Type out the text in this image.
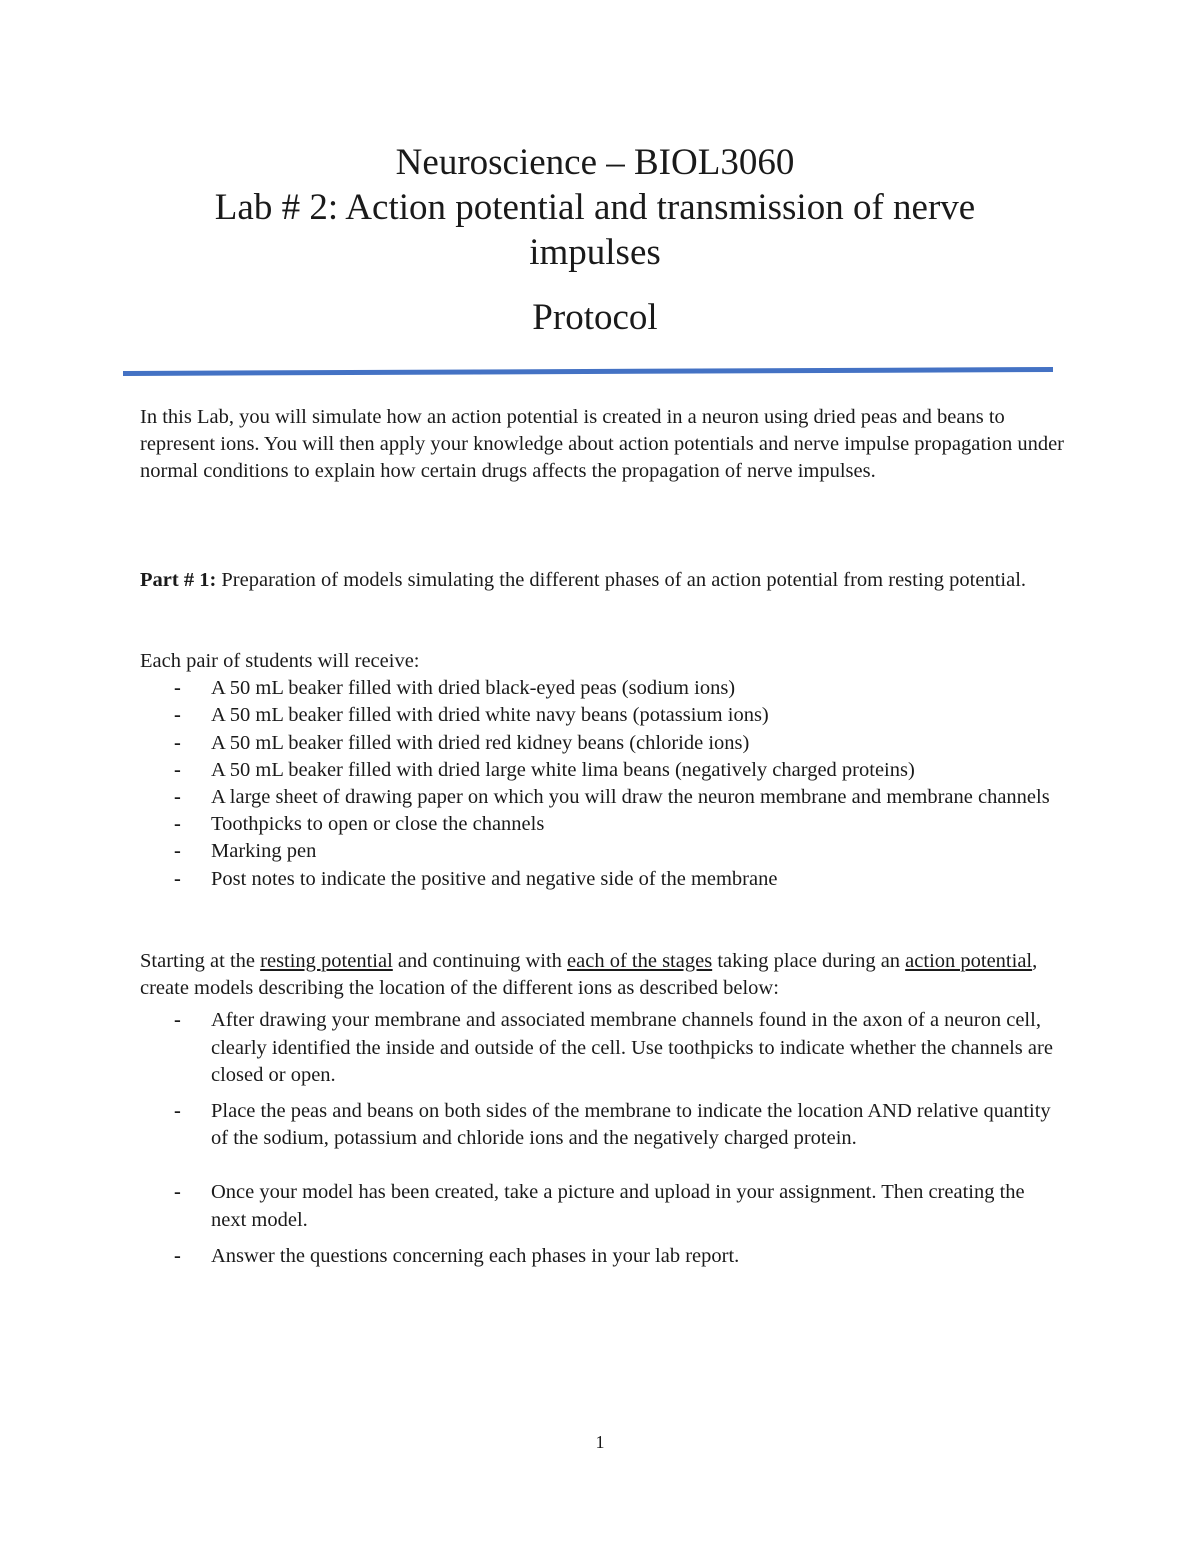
Neuroscience – BIOL3060
Lab # 2: Action potential and transmission of nerve
impulses
Protocol
In this Lab, you will simulate how an action potential is created in a neuron using dried peas and beans to represent ions. You will then apply your knowledge about action potentials and nerve impulse propagation under normal conditions to explain how certain drugs affects the propagation of nerve impulses.
Part # 1: Preparation of models simulating the different phases of an action potential from resting potential.
Each pair of students will receive:
- A 50 mL beaker filled with dried black-eyed peas (sodium ions)
- A 50 mL beaker filled with dried white navy beans (potassium ions)
- A 50 mL beaker filled with dried red kidney beans (chloride ions)
- A 50 mL beaker filled with dried large white lima beans (negatively charged proteins)
- A large sheet of drawing paper on which you will draw the neuron membrane and membrane channels
- Toothpicks to open or close the channels
- Marking pen
- Post notes to indicate the positive and negative side of the membrane
Starting at the resting potential and continuing with each of the stages taking place during an action potential, create models describing the location of the different ions as described below:
- After drawing your membrane and associated membrane channels found in the axon of a neuron cell, clearly identified the inside and outside of the cell. Use toothpicks to indicate whether the channels are closed or open.
- Place the peas and beans on both sides of the membrane to indicate the location AND relative quantity of the sodium, potassium and chloride ions and the negatively charged protein.
- Once your model has been created, take a picture and upload in your assignment. Then creating the next model.
- Answer the questions concerning each phases in your lab report.
1
